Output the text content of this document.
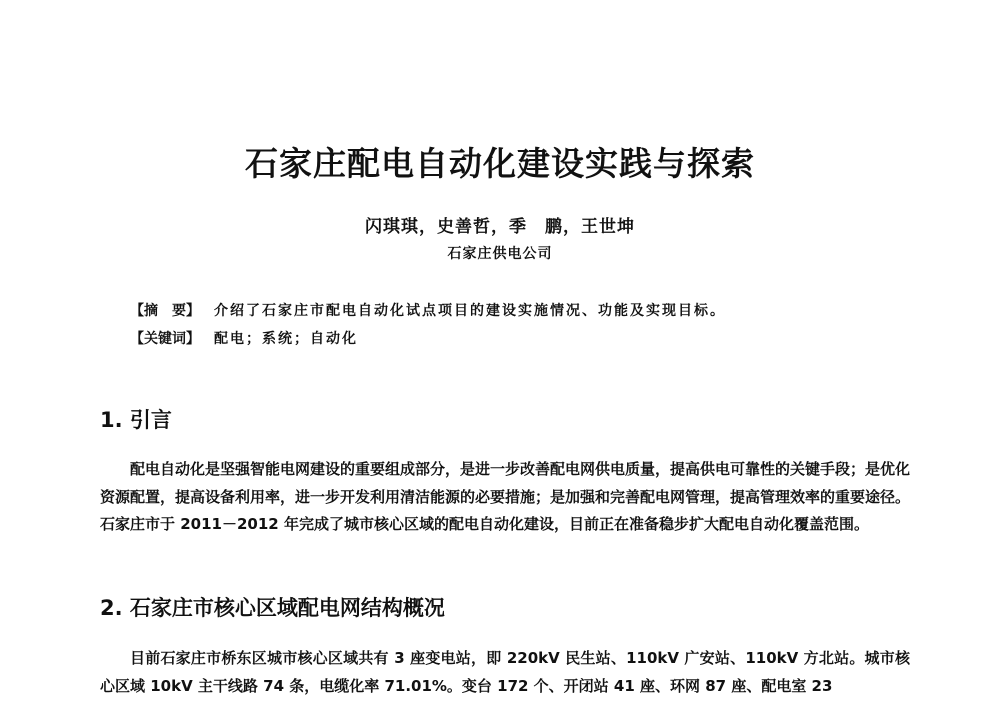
石家庄配电自动化建设实践与探索
闪琪琪，史善哲，季　鹏，王世坤
石家庄供电公司
【摘　要】 介绍了石家庄市配电自动化试点项目的建设实施情况、功能及实现目标。
【关键词】 配电；系统；自动化
1. 引言
配电自动化是坚强智能电网建设的重要组成部分，是进一步改善配电网供电质量，提高供电可靠性的关键手段；是优化资源配置，提高设备利用率，进一步开发利用清洁能源的必要措施；是加强和完善配电网管理，提高管理效率的重要途径。石家庄市于 2011－2012 年完成了城市核心区域的配电自动化建设，目前正在准备稳步扩大配电自动化覆盖范围。
2. 石家庄市核心区域配电网结构概况
目前石家庄市桥东区城市核心区域共有 3 座变电站，即 220kV 民生站、110kV 广安站、110kV 方北站。城市核心区域 10kV 主干线路 74 条，电缆化率 71.01%。变台 172 个、开闭站 41 座、环网 87 座、配电室 23
